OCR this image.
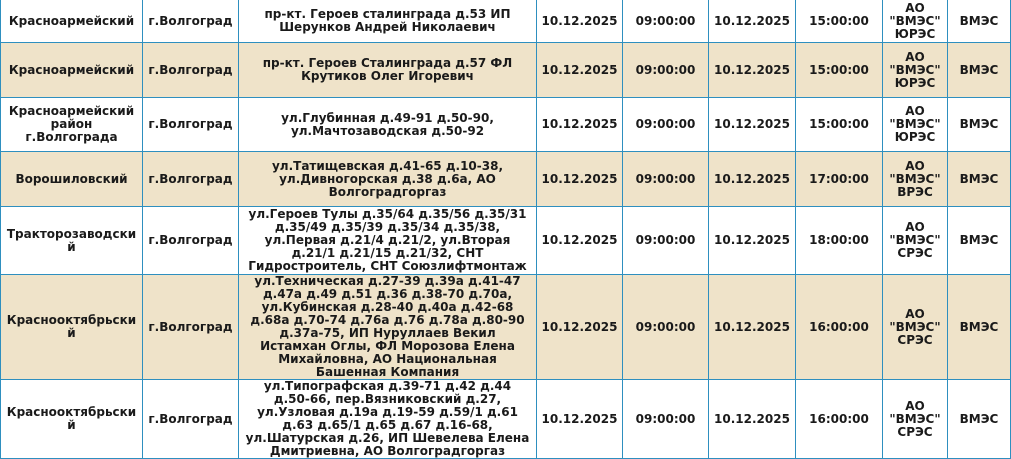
Красноармейский	г.Волгоград	пр-кт. Героев сталинграда д.53 ИП Шерунков Андрей Николаевич	10.12.2025	09:00:00	10.12.2025	15:00:00	АО "ВМЭС" ЮРЭС	ВМЭС
Красноармейский	г.Волгоград	пр-кт. Героев Сталинграда д.57 ФЛ Крутиков Олег Игоревич	10.12.2025	09:00:00	10.12.2025	15:00:00	АО "ВМЭС" ЮРЭС	ВМЭС
Красноармейский район г.Волгограда	г.Волгоград	ул.Глубинная д.49-91 д.50-90, ул.Мачтозаводская д.50-92	10.12.2025	09:00:00	10.12.2025	15:00:00	АО "ВМЭС" ЮРЭС	ВМЭС
Ворошиловский	г.Волгоград	ул.Татищевская д.41-65 д.10-38, ул.Дивногорская д.38 д.6а, АО Волгоградгоргаз	10.12.2025	09:00:00	10.12.2025	17:00:00	АО "ВМЭС" ВРЭС	ВМЭС
Тракторозаводский	г.Волгоград	ул.Героев Тулы д.35/64 д.35/56 д.35/31 д.35/49 д.35/39 д.35/34 д.35/38, ул.Первая д.21/4 д.21/2, ул.Вторая д.21/1 д.21/15 д.21/32, СНТ Гидростроитель, СНТ Союзлифтмонтаж	10.12.2025	09:00:00	10.12.2025	18:00:00	АО "ВМЭС" СРЭС	ВМЭС
Краснооктябрьский	г.Волгоград	ул.Техническая д.27-39 д.39а д.41-47 д.47а д.49 д.51 д.36 д.38-70 д.70а, ул.Кубинская д.28-40 д.40а д.42-68 д.68а д.70-74 д.76а д.76 д.78а д.80-90 д.37а-75, ИП Нуруллаев Векил Истамхан Оглы, ФЛ Морозова Елена Михайловна, АО Национальная Башенная Компания	10.12.2025	09:00:00	10.12.2025	16:00:00	АО "ВМЭС" СРЭС	ВМЭС
Краснооктябрьский	г.Волгоград	ул.Типографская д.39-71 д.42 д.44 д.50-66, пер.Вязниковский д.27, ул.Узловая д.19а д.19-59 д.59/1 д.61 д.63 д.65/1 д.65 д.67 д.16-68, ул.Шатурская д.26, ИП Шевелева Елена Дмитриевна, АО Волгоградгоргаз	10.12.2025	09:00:00	10.12.2025	16:00:00	АО "ВМЭС" СРЭС	ВМЭС
